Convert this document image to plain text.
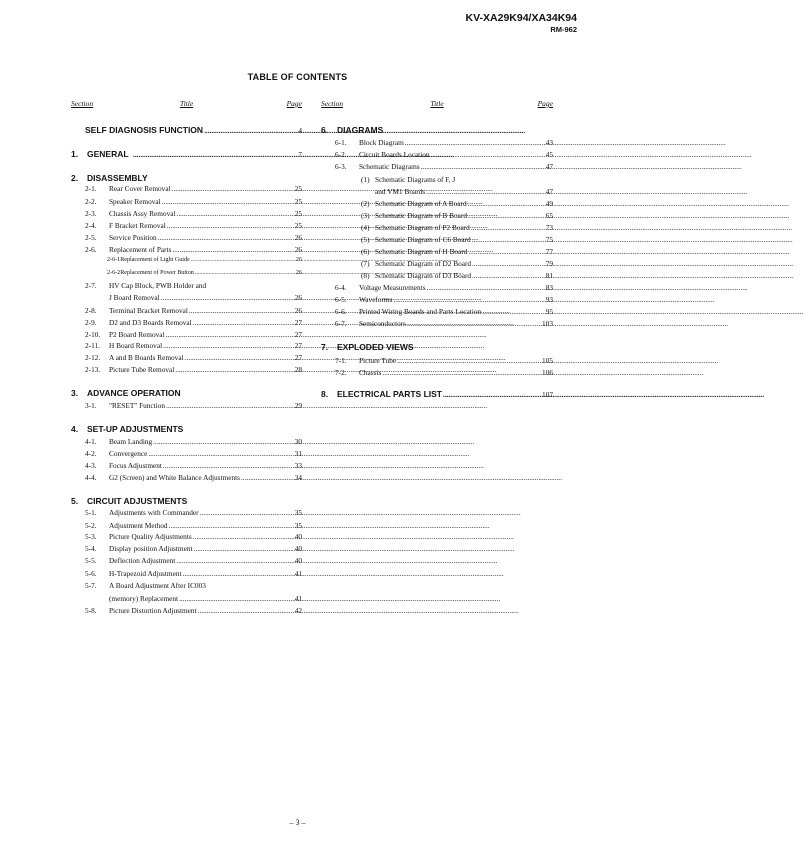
KV-XA29K94/XA34K94
RM-962
TABLE OF CONTENTS
Section	Title	Page	Section	Title	Page
SELF DIAGNOSIS FUNCTION .....	4
1.	GENERAL .....	7
2.	DISASSEMBLY
2-1.	Rear Cover Removal .....	25
2-2.	Speaker Removal .....	25
2-3.	Chassis Assy Removal .....	25
2-4.	F Bracket Removal .....	25
2-5.	Service Position .....	26
2-6.	Replacement of Parts .....	26
2-6-1Replacement of Light Guide .....	26
2-6-2Replacement of Power Button .....	26
2-7.	HV Cap Block, PWB Holder and
J Board Removal .....	26
2-8.	Terminal Bracket Removal .....	26
2-9.	D2 and D3 Boards Removal .....	27
2-10.	P2 Board Removal .....	27
2-11.	H Board Removal .....	27
2-12.	A and B Boards Removal .....	27
2-13.	Picture Tube Removal .....	28
3.	ADVANCE OPERATION
3-1.	"RESET" Function .....	29
4.	SET-UP ADJUSTMENTS
4-1.	Beam Landing .....	30
4-2.	Convergence .....	31
4-3.	Focus Adjustment .....	33
4-4.	G2 (Screen) and White Balance Adjustments .....	34
5.	CIRCUIT ADJUSTMENTS
5-1.	Adjustments with Commander .....	35
5-2.	Adjustment Method .....	35
5-3.	Picture Quality Adjustments .....	40
5-4.	Display position Adjustment .....	40
5-5.	Deflection Adjustment .....	40
5-6.	H-Trapezoid Adjustment .....	41
5-7.	A Board Adjustment After IC003
(memory) Replacement .....	41
5-8.	Picture Distortion Adjustment .....	42
6.	DIAGRAMS
6-1.	Block Diagram .....	43
6-2.	Circuit Boards Location .....	45
6-3.	Schematic Diagrams .....	47
(1) Schematic Diagrams of F, J
and VM1 Boards .....	47
(2) Schematic Diagram of A Board .....	49
(3) Schematic Diagram of B Board .....	65
(4) Schematic Diagram of P2 Board .....	73
(5) Schematic Diagram of C6 Board .....	75
(6) Schematic Diagram of H Board .....	77
(7) Schematic Diagram of D2 Board .....	79
(8) Schematic Diagram of D3 Board .....	81
6-4.	Voltage Measurements .....	83
6-5.	Waveforms .....	93
6-6.	Printed Wiring Boards and Parts Location .....	95
6-7.	Semiconductors .....	103
7.	EXPLODED VIEWS
7-1.	Picture Tube .....	105
7-2.	Chassis .....	106
8.	ELECTRICAL PARTS LIST .....	107
– 3 –
